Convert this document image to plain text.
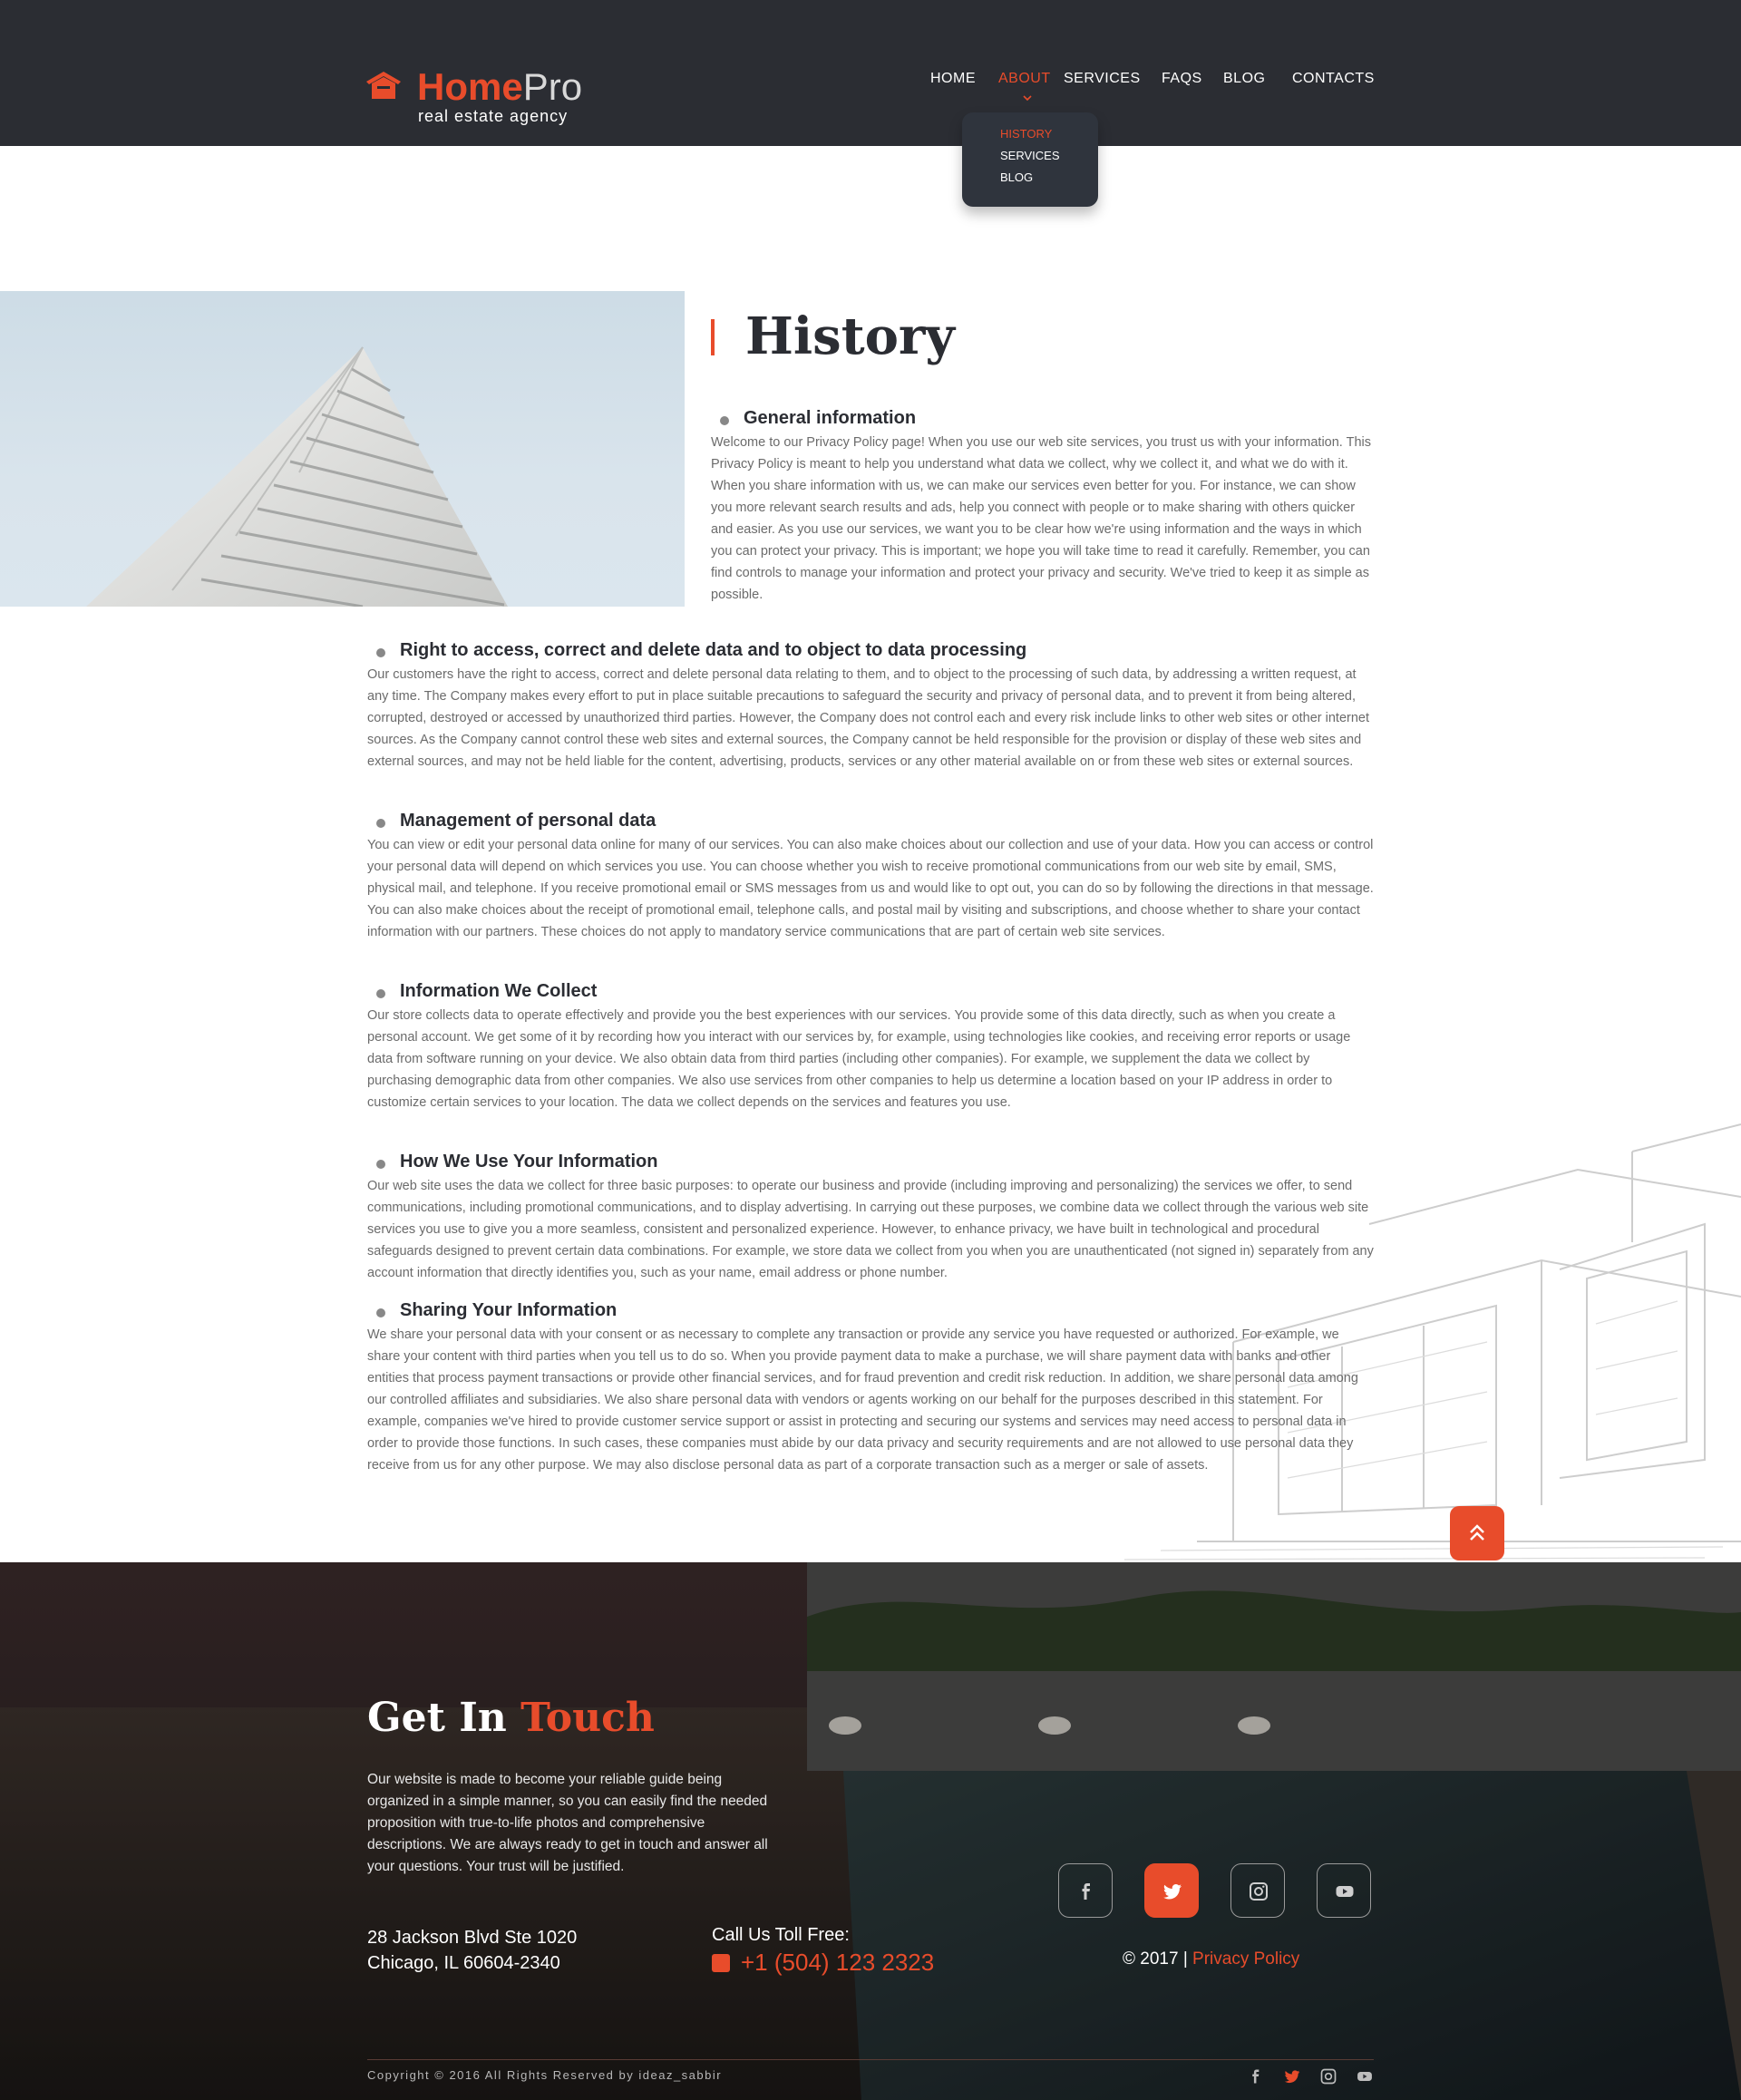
HomePro
real estate agency
HOME ABOUT SERVICES FAQS BLOG CONTACTS
HISTORY
SERVICES
BLOG
History
General information

Welcome to our Privacy Policy page! When you use our web site services, you trust us with your information. This Privacy Policy is meant to help you understand what data we collect, why we collect it, and what we do with it. When you share information with us, we can make our services even better for you. For instance, we can show you more relevant search results and ads, help you connect with people or to make sharing with others quicker and easier. As you use our services, we want you to be clear how we're using information and the ways in which you can protect your privacy. This is important; we hope you will take time to read it carefully. Remember, you can find controls to manage your information and protect your privacy and security. We've tried to keep it as simple as possible.

Right to access, correct and delete data and to object to data processing

Our customers have the right to access, correct and delete personal data relating to them, and to object to the processing of such data, by addressing a written request, at any time. The Company makes every effort to put in place suitable precautions to safeguard the security and privacy of personal data, and to prevent it from being altered, corrupted, destroyed or accessed by unauthorized third parties. However, the Company does not control each and every risk include links to other web sites or other internet sources. As the Company cannot control these web sites and external sources, the Company cannot be held responsible for the provision or display of these web sites and external sources, and may not be held liable for the content, advertising, products, services or any other material available on or from these web sites or external sources.

Management of personal data

You can view or edit your personal data online for many of our services. You can also make choices about our collection and use of your data. How you can access or control your personal data will depend on which services you use. You can choose whether you wish to receive promotional communications from our web site by email, SMS, physical mail, and telephone. If you receive promotional email or SMS messages from us and would like to opt out, you can do so by following the directions in that message. You can also make choices about the receipt of promotional email, telephone calls, and postal mail by visiting and subscriptions, and choose whether to share your contact information with our partners. These choices do not apply to mandatory service communications that are part of certain web site services.

Information We Collect

Our store collects data to operate effectively and provide you the best experiences with our services. You provide some of this data directly, such as when you create a personal account. We get some of it by recording how you interact with our services by, for example, using technologies like cookies, and receiving error reports or usage data from software running on your device. We also obtain data from third parties (including other companies). For example, we supplement the data we collect by purchasing demographic data from other companies. We also use services from other companies to help us determine a location based on your IP address in order to customize certain services to your location. The data we collect depends on the services and features you use.

How We Use Your Information

Our web site uses the data we collect for three basic purposes: to operate our business and provide (including improving and personalizing) the services we offer, to send communications, including promotional communications, and to display advertising. In carrying out these purposes, we combine data we collect through the various web site services you use to give you a more seamless, consistent and personalized experience. However, to enhance privacy, we have built in technological and procedural safeguards designed to prevent certain data combinations. For example, we store data we collect from you when you are unauthenticated (not signed in) separately from any account information that directly identifies you, such as your name, email address or phone number.

Sharing Your Information

We share your personal data with your consent or as necessary to complete any transaction or provide any service you have requested or authorized. For example, we share your content with third parties when you tell us to do so. When you provide payment data to make a purchase, we will share payment data with banks and other entities that process payment transactions or provide other financial services, and for fraud prevention and credit risk reduction. In addition, we share personal data among our controlled affiliates and subsidiaries. We also share personal data with vendors or agents working on our behalf for the purposes described in this statement. For example, companies we've hired to provide customer service support or assist in protecting and securing our systems and services may need access to personal data in order to provide those functions. In such cases, these companies must abide by our data privacy and security requirements and are not allowed to use personal data they receive from us for any other purpose. We may also disclose personal data as part of a corporate transaction such as a merger or sale of assets.

Get In Touch
Our website is made to become your reliable guide being organized in a simple manner, so you can easily find the needed proposition with true-to-life photos and comprehensive descriptions. We are always ready to get in touch and answer all your questions. Your trust will be justified.
28 Jackson Blvd Ste 1020
Chicago, IL 60604-2340
Call Us Toll Free:
+1 (504) 123 2323	© 2017 | Privacy Policy
Copyright © 2016 All Rights Reserved by ideaz_sabbir
